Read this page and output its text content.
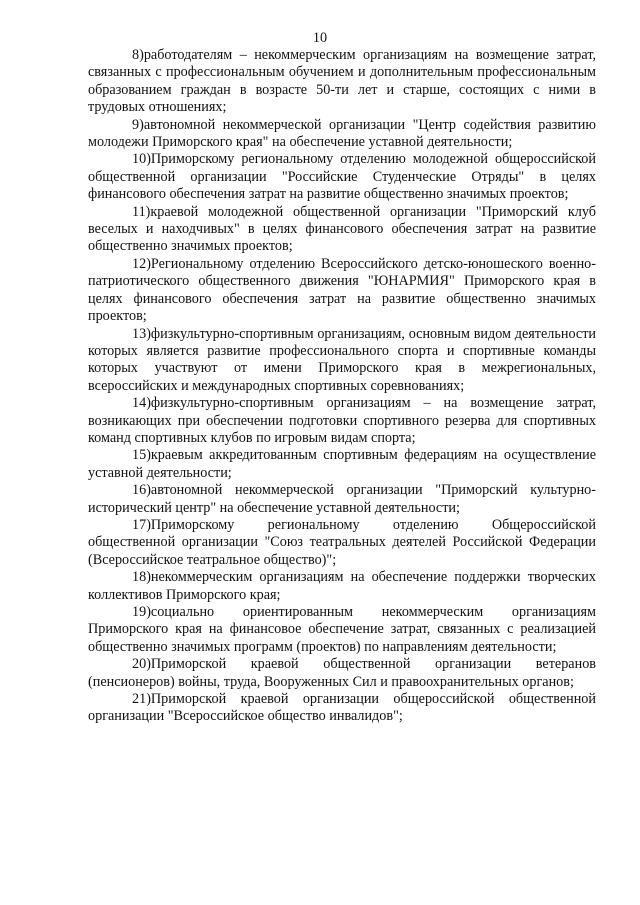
10

8)работодателям – некоммерческим организациям на возмещение затрат, связанных с профессиональным обучением и дополнительным профессиональным образованием граждан в возрасте 50-ти лет и старше, состоящих с ними в трудовых отношениях;

9)автономной некоммерческой организации "Центр содействия развитию молодежи Приморского края" на обеспечение уставной деятельности;

10)Приморскому региональному отделению молодежной общероссийской общественной организации "Российские Студенческие Отряды" в целях финансового обеспечения затрат на развитие общественно значимых проектов;

11)краевой молодежной общественной организации "Приморский клуб веселых и находчивых" в целях финансового обеспечения затрат на развитие общественно значимых проектов;

12)Региональному отделению Всероссийского детско-юношеского военно-патриотического общественного движения "ЮНАРМИЯ" Приморского края в целях финансового обеспечения затрат на развитие общественно значимых проектов;

13)физкультурно-спортивным организациям, основным видом деятельности которых является развитие профессионального спорта и спортивные команды которых участвуют от имени Приморского края в межрегиональных, всероссийских и международных спортивных соревнованиях;

14)физкультурно-спортивным организациям – на возмещение затрат, возникающих при обеспечении подготовки спортивного резерва для спортивных команд спортивных клубов по игровым видам спорта;

15)краевым аккредитованным спортивным федерациям на осуществление уставной деятельности;

16)автономной некоммерческой организации "Приморский культурно-исторический центр" на обеспечение уставной деятельности;

17)Приморскому региональному отделению Общероссийской общественной организации "Союз театральных деятелей Российской Федерации (Всероссийское театральное общество)";

18)некоммерческим организациям на обеспечение поддержки творческих коллективов Приморского края;

19)социально ориентированным некоммерческим организациям Приморского края на финансовое обеспечение затрат, связанных с реализацией общественно значимых программ (проектов) по направлениям деятельности;

20)Приморской краевой общественной организации ветеранов (пенсионеров) войны, труда, Вооруженных Сил и правоохранительных органов;

21)Приморской краевой организации общероссийской общественной организации "Всероссийское общество инвалидов";
